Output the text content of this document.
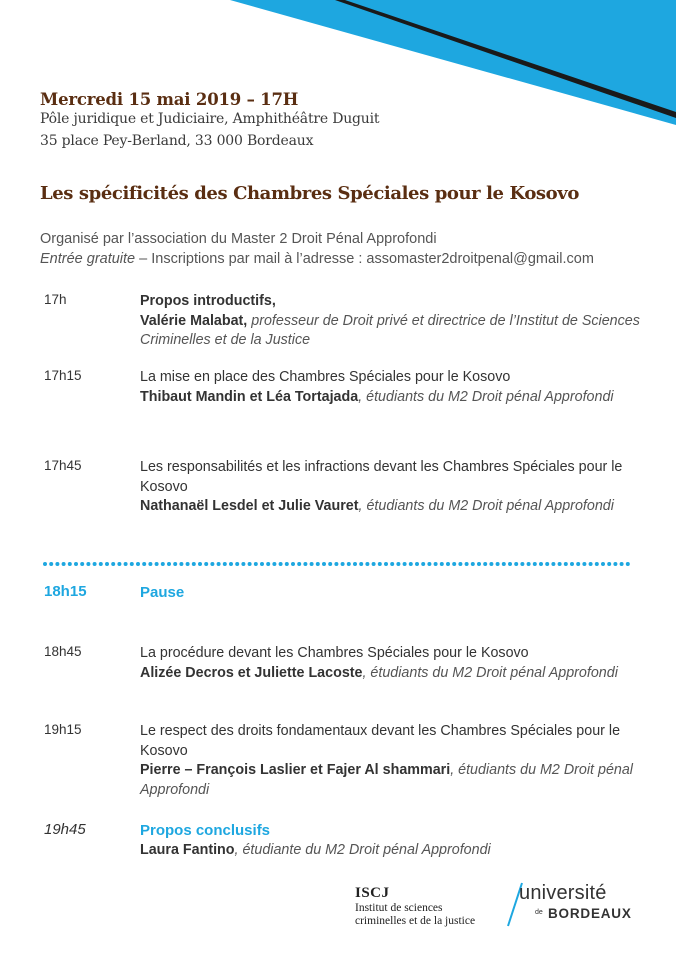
Mercredi 15 mai 2019 – 17H
Pôle juridique et Judiciaire, Amphithéâtre Duguit
35 place Pey-Berland, 33 000 Bordeaux
Les spécificités des Chambres Spéciales pour le Kosovo
Organisé par l’association du Master 2 Droit Pénal Approfondi
Entrée gratuite – Inscriptions par mail à l’adresse : assomaster2droitpenal@gmail.com
17h	Propos introductifs,
Valérie Malabat, professeur de Droit privé et directrice de l’Institut de Sciences Criminelles et de la Justice
17h15	La mise en place des Chambres Spéciales pour le Kosovo
Thibaut Mandin et Léa Tortajada, étudiants du M2 Droit pénal Approfondi
17h45	Les responsabilités et les infractions devant les Chambres Spéciales pour le Kosovo
Nathanaël Lesdel et Julie Vauret, étudiants du M2 Droit pénal Approfondi
18h15	Pause
18h45	La procédure devant les Chambres Spéciales pour le Kosovo
Alizée Decros et Juliette Lacoste, étudiants du M2 Droit pénal Approfondi
19h15	Le respect des droits fondamentaux devant les Chambres Spéciales pour le Kosovo
Pierre – François Laslier et Fajer Al shammari, étudiants du M2 Droit pénal Approfondi
19h45	Propos conclusifs
Laura Fantino, étudiante du M2 Droit pénal Approfondi
ISCJ
Institut de sciences
criminelles et de la justice
université
de BORDEAUX
